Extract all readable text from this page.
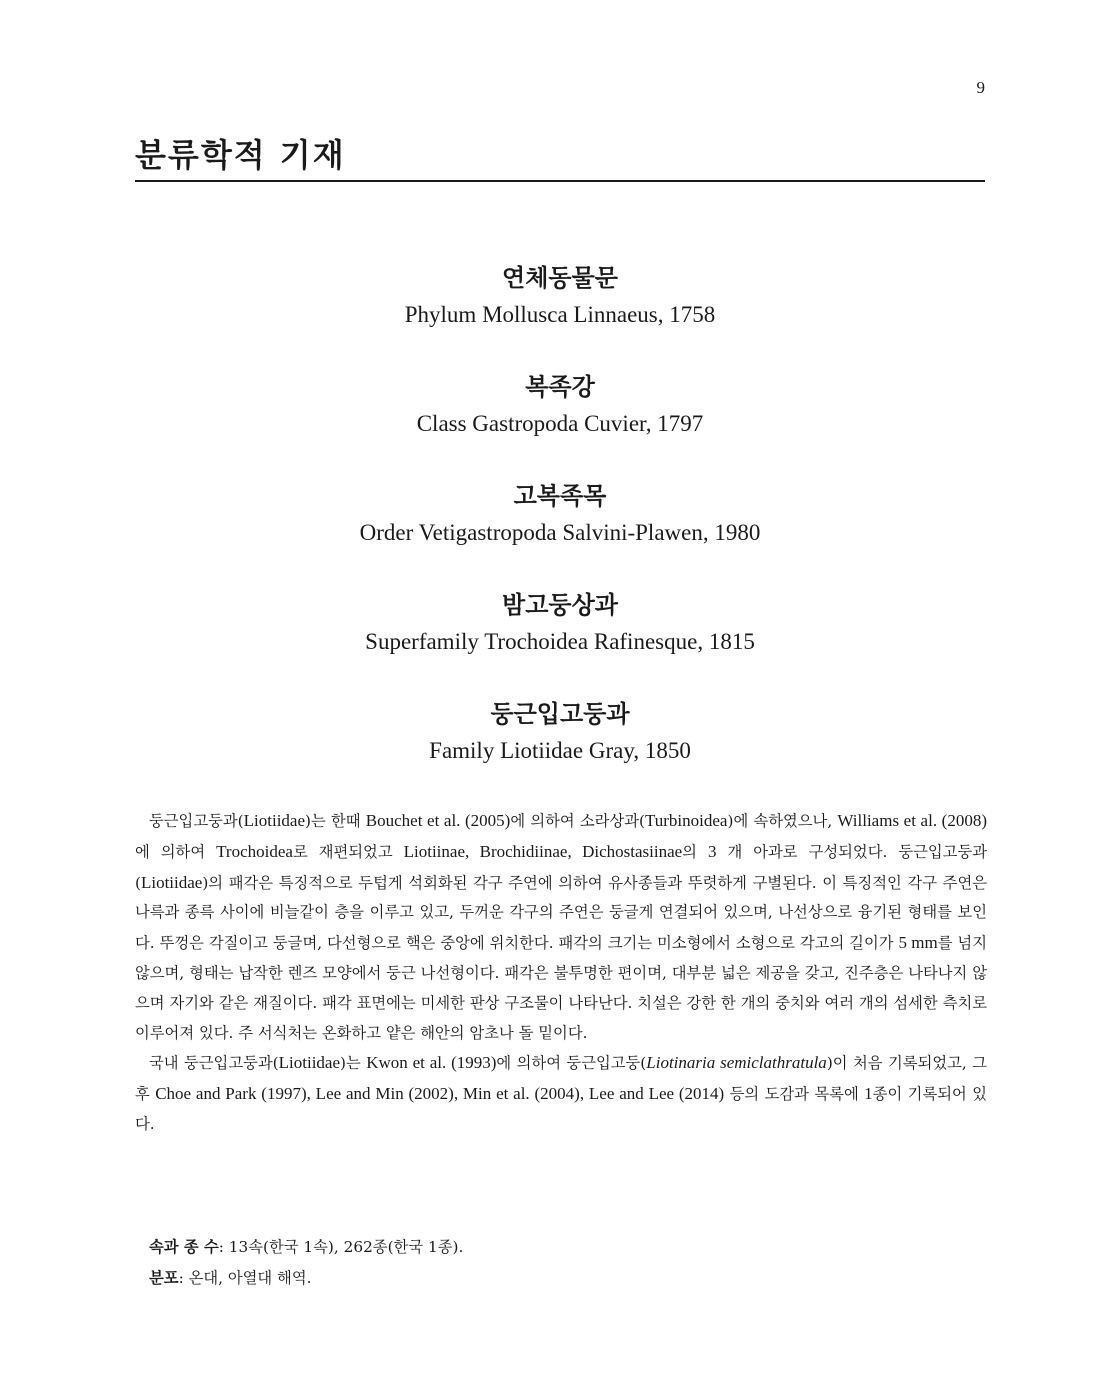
9
분류학적 기재
연체동물문
Phylum Mollusca Linnaeus, 1758
복족강
Class Gastropoda Cuvier, 1797
고복족목
Order Vetigastropoda Salvini-Plawen, 1980
밤고둥상과
Superfamily Trochoidea Rafinesque, 1815
둥근입고둥과
Family Liotiidae Gray, 1850

둥근입고둥과(Liotiidae)는 한때 Bouchet et al. (2005)에 의하여 소라상과(Turbinoidea)에 속하였으나, Williams et al. (2008)에 의하여 Trochoidea로 재편되었고 Liotiinae, Brochidiinae, Dichostasiinae의 3 개 아과로 구성되었다. 둥근입고둥과(Liotiidae)의 패각은 특징적으로 두텁게 석회화된 각구 주연에 의하여 유사종들과 뚜렷하게 구별된다. 이 특징적인 각구 주연은 나륵과 종륵 사이에 비늘같이 층을 이루고 있고, 두꺼운 각구의 주연은 둥글게 연결되어 있으며, 나선상으로 융기된 형태를 보인다. 뚜껑은 각질이고 둥글며, 다선형으로 핵은 중앙에 위치한다. 패각의 크기는 미소형에서 소형으로 각고의 길이가 5 mm를 넘지 않으며, 형태는 납작한 렌즈 모양에서 둥근 나선형이다. 패각은 불투명한 편이며, 대부분 넓은 제공을 갖고, 진주층은 나타나지 않으며 자기와 같은 재질이다. 패각 표면에는 미세한 판상 구조물이 나타난다. 치설은 강한 한 개의 중치와 여러 개의 섬세한 측치로 이루어져 있다. 주 서식처는 온화하고 얕은 해안의 암초나 돌 밑이다.

국내 둥근입고둥과(Liotiidae)는 Kwon et al. (1993)에 의하여 둥근입고둥(Liotinaria semiclathratula)이 처음 기록되었고, 그 후 Choe and Park (1997), Lee and Min (2002), Min et al. (2004), Lee and Lee (2014) 등의 도감과 목록에 1종이 기록되어 있다.

속과 종 수: 13속(한국 1속), 262종(한국 1종).
분포: 온대, 아열대 해역.
